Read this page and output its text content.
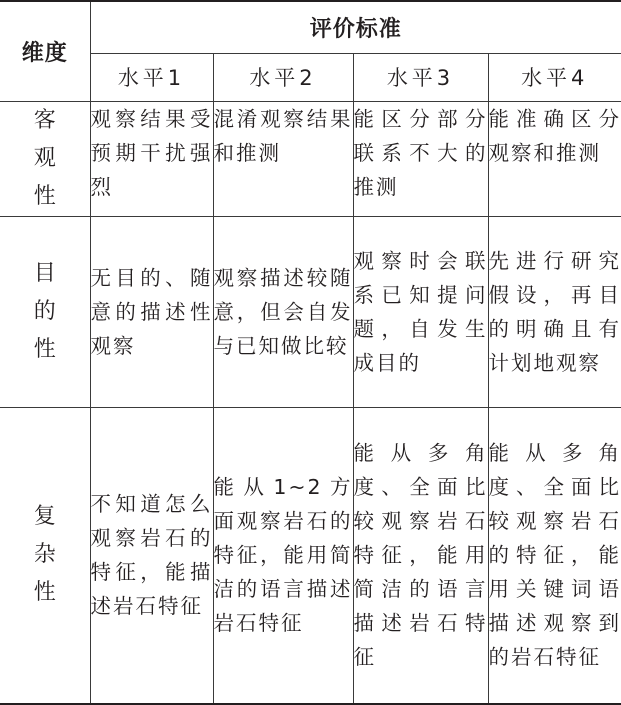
维度	评价标准			
	水平1	水平2	水平3	水平4
客观性	观察结果受预期干扰强烈	混淆观察结果和推测	能区分部分联系不大的推测	能准确区分观察和推测
目的性	无目的、随意的描述性观察	观察描述较随意，但会自发与已知做比较	观察时会联系已知提问题，自发生成目的	先进行研究假设，再目的明确且有计划地观察
复杂性	不知道怎么观察岩石的特征，能描述岩石特征	能从1~2方面观察岩石的特征，能用简洁的语言描述岩石特征	能从多角度、全面比较观察岩石特征，能用简洁的语言描述岩石特征	能从多角度、全面比较观察岩石的特征，能用关键词语描述观察到的岩石特征
